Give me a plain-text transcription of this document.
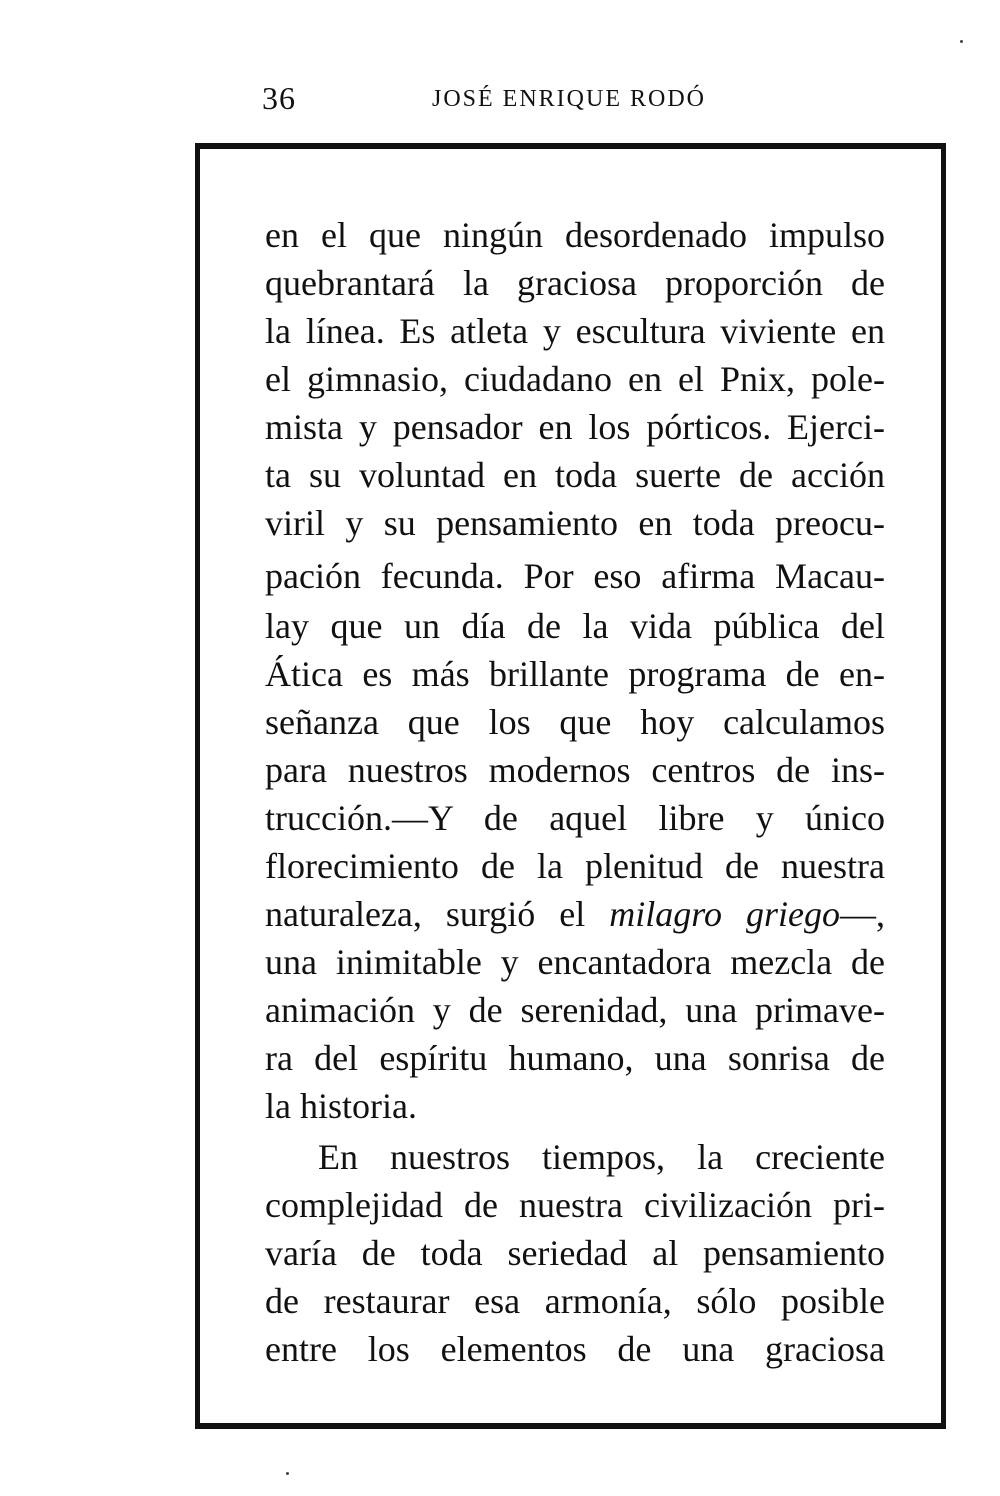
36	JOSÉ ENRIQUE RODÓ
en el que ningún desordenado impulso
quebrantará la graciosa proporción de
la línea. Es atleta y escultura viviente en
el gimnasio, ciudadano en el Pnix, pole-
mista y pensador en los pórticos. Ejerci-
ta su voluntad en toda suerte de acción
viril y su pensamiento en toda preocu-
pación fecunda. Por eso afirma Macau-
lay que un día de la vida pública del
Ática es más brillante programa de en-
señanza que los que hoy calculamos
para nuestros modernos centros de ins-
trucción.—Y de aquel libre y único
florecimiento de la plenitud de nuestra
naturaleza, surgió el milagro griego—,
una inimitable y encantadora mezcla de
animación y de serenidad, una primave-
ra del espíritu humano, una sonrisa de
la historia.
En nuestros tiempos, la creciente
complejidad de nuestra civilización pri-
varía de toda seriedad al pensamiento
de restaurar esa armonía, sólo posible
entre los elementos de una graciosa
